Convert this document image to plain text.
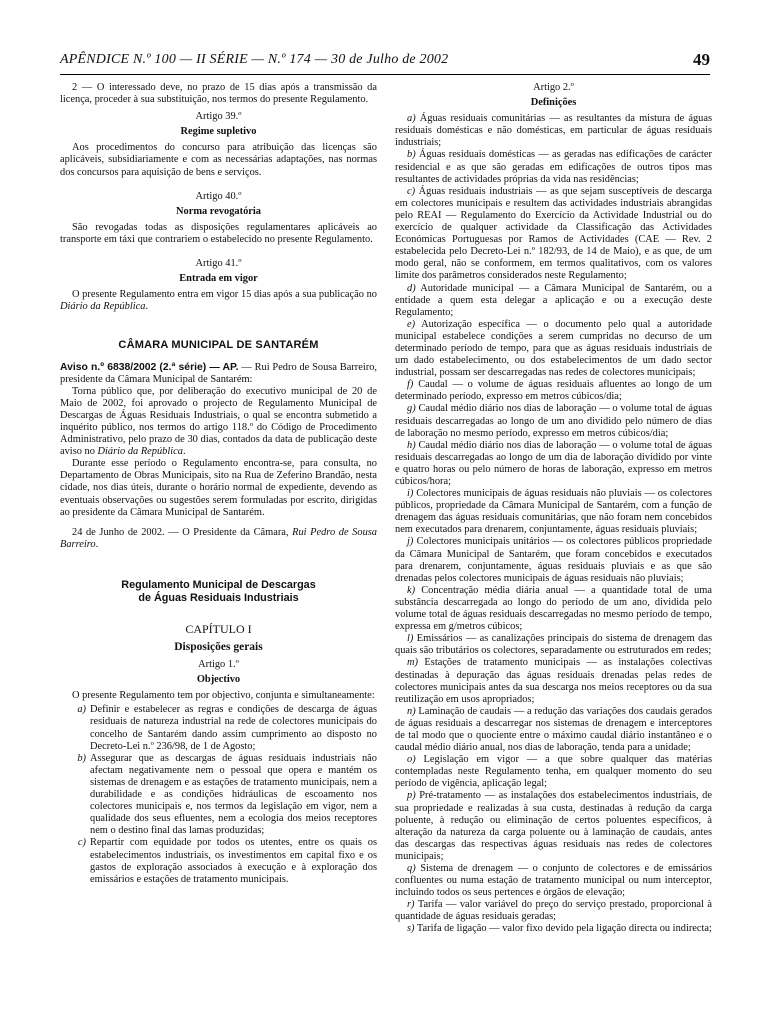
APÊNDICE N.º 100 — II SÉRIE — N.º 174 — 30 de Julho de 2002	49

2 — O interessado deve, no prazo de 15 dias após a transmissão da licença, proceder à sua substituição, nos termos do presente Regulamento.

Artigo 39.º
Regime supletivo

Aos procedimentos do concurso para atribuição das licenças são aplicáveis, subsidiariamente e com as necessárias adaptações, nas normas dos concursos para aquisição de bens e serviços.

Artigo 40.º
Norma revogatória

São revogadas todas as disposições regulamentares aplicáveis ao transporte em táxi que contrariem o estabelecido no presente Regulamento.

Artigo 41.º
Entrada em vigor

O presente Regulamento entra em vigor 15 dias após a sua publicação no Diário da República.

CÂMARA MUNICIPAL DE SANTARÉM

Aviso n.º 6838/2002 (2.ª série) — AP. — Rui Pedro de Sousa Barreiro, presidente da Câmara Municipal de Santarém:

Torna público que, por deliberação do executivo municipal de 20 de Maio de 2002, foi aprovado o projecto de Regulamento Municipal de Descargas de Águas Residuais Industriais, o qual se encontra submetido a inquérito público, nos termos do artigo 118.º do Código de Procedimento Administrativo, pelo prazo de 30 dias, contados da data de publicação deste aviso no Diário da República.

Durante esse período o Regulamento encontra-se, para consulta, no Departamento de Obras Municipais, sito na Rua de Zeferino Brandão, nesta cidade, nos dias úteis, durante o horário normal de expediente, devendo as eventuais observações ou sugestões serem formuladas por escrito, dirigidas ao presidente da Câmara Municipal de Santarém.

24 de Junho de 2002. — O Presidente da Câmara, Rui Pedro de Sousa Barreiro.

Regulamento Municipal de Descargas
de Águas Residuais Industriais
CAPÍTULO I
Disposições gerais
Artigo 1.º
Objectivo

O presente Regulamento tem por objectivo, conjunta e simultaneamente:

a) Definir e estabelecer as regras e condições de descarga de águas residuais de natureza industrial na rede de colectores municipais do concelho de Santarém dando assim cumprimento ao disposto no Decreto-Lei n.º 236/98, de 1 de Agosto;
b) Assegurar que as descargas de águas residuais industriais não afectam negativamente nem o pessoal que opera e mantém os sistemas de drenagem e as estações de tratamento municipais, nem a durabilidade e as condições hidráulicas de escoamento nos colectores municipais e, nos termos da legislação em vigor, nem a qualidade dos seus efluentes, nem a ecologia dos meios receptores nem o destino final das lamas produzidas;
c) Repartir com equidade por todos os utentes, entre os quais os estabelecimentos industriais, os investimentos em capital fixo e os gastos de exploração associados à execução e à exploração dos emissários e estações de tratamento municipais.
Artigo 2.º
Definições

a) Águas residuais comunitárias — as resultantes da mistura de águas residuais domésticas e não domésticas, em particular de águas residuais industriais;

b) Águas residuais domésticas — as geradas nas edificações de carácter residencial e as que são geradas em edificações de outros tipos mas resultantes de actividades próprias da vida nas residências;

c) Águas residuais industriais — as que sejam susceptíveis de descarga em colectores municipais e resultem das actividades industriais abrangidas pelo REAI — Regulamento do Exercício da Actividade Industrial ou do exercício de qualquer actividade da Classificação das Actividades Económicas Portuguesas por Ramos de Actividades (CAE — Rev. 2 estabelecida pelo Decreto-Lei n.º 182/93, de 14 de Maio), e as que, de um modo geral, não se conformem, em termos qualitativos, com os valores limite dos parâmetros considerados neste Regulamento;

d) Autoridade municipal — a Câmara Municipal de Santarém, ou a entidade a quem esta delegar a aplicação e ou a execução deste Regulamento;

e) Autorização específica — o documento pelo qual a autoridade municipal estabelece condições a serem cumpridas no decurso de um determinado período de tempo, para que as águas residuais industriais de um dado estabelecimento, ou dos estabelecimentos de um dado sector industrial, possam ser descarregadas nas redes de colectores municipais;

f) Caudal — o volume de águas residuais afluentes ao longo de um determinado período, expresso em metros cúbicos/dia;

g) Caudal médio diário nos dias de laboração — o volume total de águas residuais descarregadas ao longo de um ano dividido pelo número de dias de laboração no mesmo período, expresso em metros cúbicos/dia;

h) Caudal médio diário nos dias de laboração — o volume total de águas residuais descarregadas ao longo de um dia de laboração dividido por vinte e quatro horas ou pelo número de horas de laboração, expresso em metros cúbicos/hora;

i) Colectores municipais de águas residuais não pluviais — os colectores públicos, propriedade da Câmara Municipal de Santarém, com a função de drenagem das águas residuais comunitárias, que não foram nem concebidos nem executados para drenarem, conjuntamente, águas residuais pluviais;

j) Colectores municipais unitários — os colectores públicos propriedade da Câmara Municipal de Santarém, que foram concebidos e executados para drenarem, conjuntamente, águas residuais pluviais e as que são drenadas pelos colectores municipais de águas residuais não pluviais;

k) Concentração média diária anual — a quantidade total de uma substância descarregada ao longo do período de um ano, dividida pelo volume total de águas residuais descarregadas no mesmo período de tempo, expressa em g/metros cúbicos;

l) Emissários — as canalizações principais do sistema de drenagem das quais são tributários os colectores, separadamente ou estruturados em redes;

m) Estações de tratamento municipais — as instalações colectivas destinadas à depuração das águas residuais drenadas pelas redes de colectores municipais antes da sua descarga nos meios receptores ou da sua reutilização em usos apropriados;

n) Laminação de caudais — a redução das variações dos caudais gerados de águas residuais a descarregar nos sistemas de drenagem e interceptores de tal modo que o quociente entre o máximo caudal diário instantâneo e o caudal médio diário anual, nos dias de laboração, tenda para a unidade;

o) Legislação em vigor — a que sobre qualquer das matérias contempladas neste Regulamento tenha, em qualquer momento do seu período de vigência, aplicação legal;

p) Pré-tratamento — as instalações dos estabelecimentos industriais, de sua propriedade e realizadas à sua custa, destinadas à redução da carga poluente, à redução ou eliminação de certos poluentes específicos, à alteração da natureza da carga poluente ou à laminação de caudais, antes das descargas das respectivas águas residuais nas redes de colectores municipais;

q) Sistema de drenagem — o conjunto de colectores e de emissários confluentes ou numa estação de tratamento municipal ou num interceptor, incluindo todos os seus pertences e órgãos de elevação;

r) Tarifa — valor variável do preço do serviço prestado, proporcional à quantidade de águas residuais geradas;

s) Tarifa de ligação — valor fixo devido pela ligação directa ou indirecta;
